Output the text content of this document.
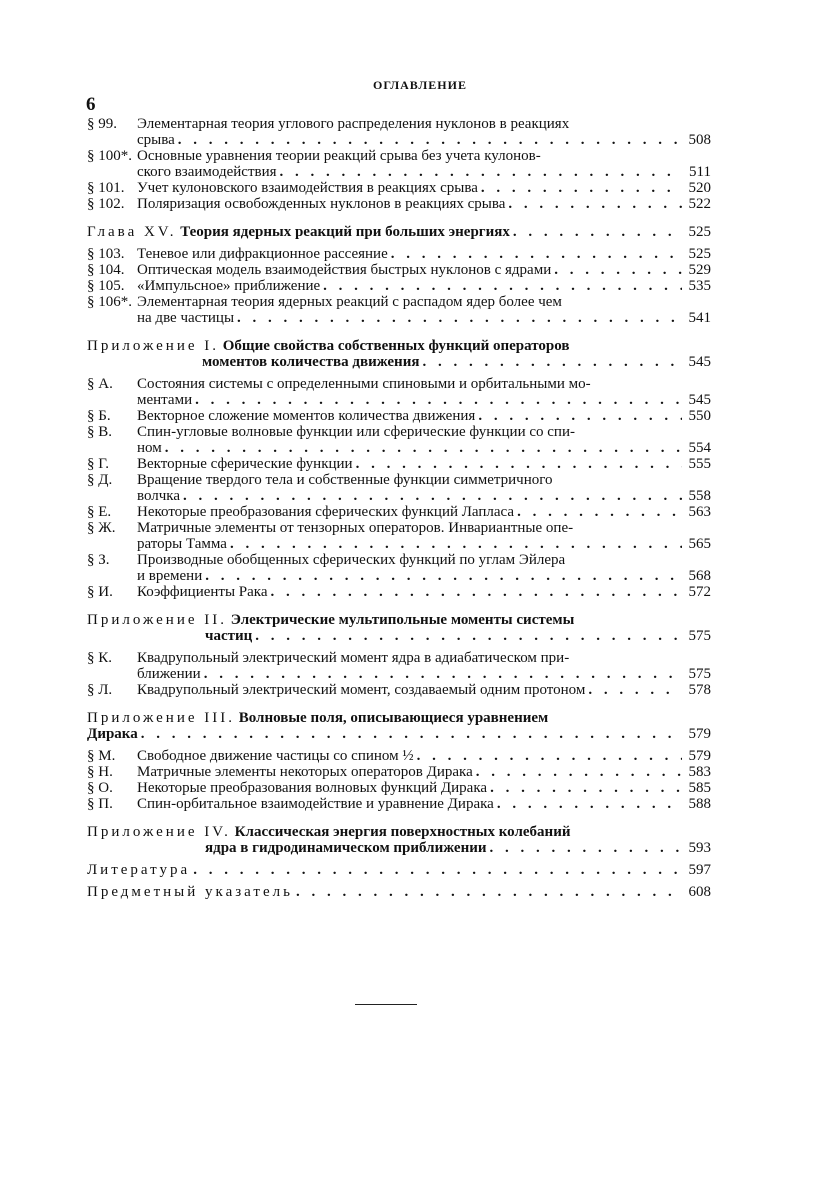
ОГЛАВЛЕНИЕ
6
§ 99.	Элементарная теория углового распределения нуклонов в реакциях
срыва . . .	508
§ 100*. Основные уравнения теории реакций срыва без учета кулонов-
ского взаимодействия . . .	511
§ 101. Учет кулоновского взаимодействия в реакциях срыва . . .	520
§ 102. Поляризация освобожденных нуклонов в реакциях срыва . . .	522
Глава XV. Теория ядерных реакций при больших энергиях . . .	525
§ 103. Теневое или дифракционное рассеяние . . .	525
§ 104. Оптическая модель взаимодействия быстрых нуклонов с ядрами . . .	529
§ 105. «Импульсное» приближение . . .	535
§ 106*. Элементарная теория ядерных реакций с распадом ядер более чем
на две частицы . . .	541
Приложение I. Общие свойства собственных функций операторов
моментов количества движения . . .	545
§ А.	Состояния системы с определенными спиновыми и орбитальными мо-
ментами . . .	545
§ Б.	Векторное сложение моментов количества движения . . .	550
§ В.	Спин-угловые волновые функции или сферические функции со спи-
ном . . .	554
§ Г.	Векторные сферические функции . . .	555
§ Д.	Вращение твердого тела и собственные функции симметричного
волчка . . .	558
§ Е.	Некоторые преобразования сферических функций Лапласа . . .	563
§ Ж.	Матричные элементы от тензорных операторов. Инвариантные опе-
раторы Тамма . . .	565
§ З.	Производные обобщенных сферических функций по углам Эйлера
и времени . . .	568
§ И.	Коэффициенты Рака . . .	572
Приложение II. Электрические мультипольные моменты системы
частиц . . .	575
§ К.	Квадрупольный электрический момент ядра в адиабатическом при-
ближении . . .	575
§ Л.	Квадрупольный электрический момент, создаваемый одним протоном . . .	578
Приложение III. Волновые поля, описывающиеся уравнением
Дирака . . .	579
§ М.	Свободное движение частицы со спином ½ . . .	579
§ Н.	Матричные элементы некоторых операторов Дирака . . .	583
§ О.	Некоторые преобразования волновых функций Дирака . . .	585
§ П.	Спин-орбитальное взаимодействие и уравнение Дирака . . .	588
Приложение IV. Классическая энергия поверхностных колебаний
ядра в гидродинамическом приближении . . .	593
Литература . . .	597
Предметный указатель . . .	608
